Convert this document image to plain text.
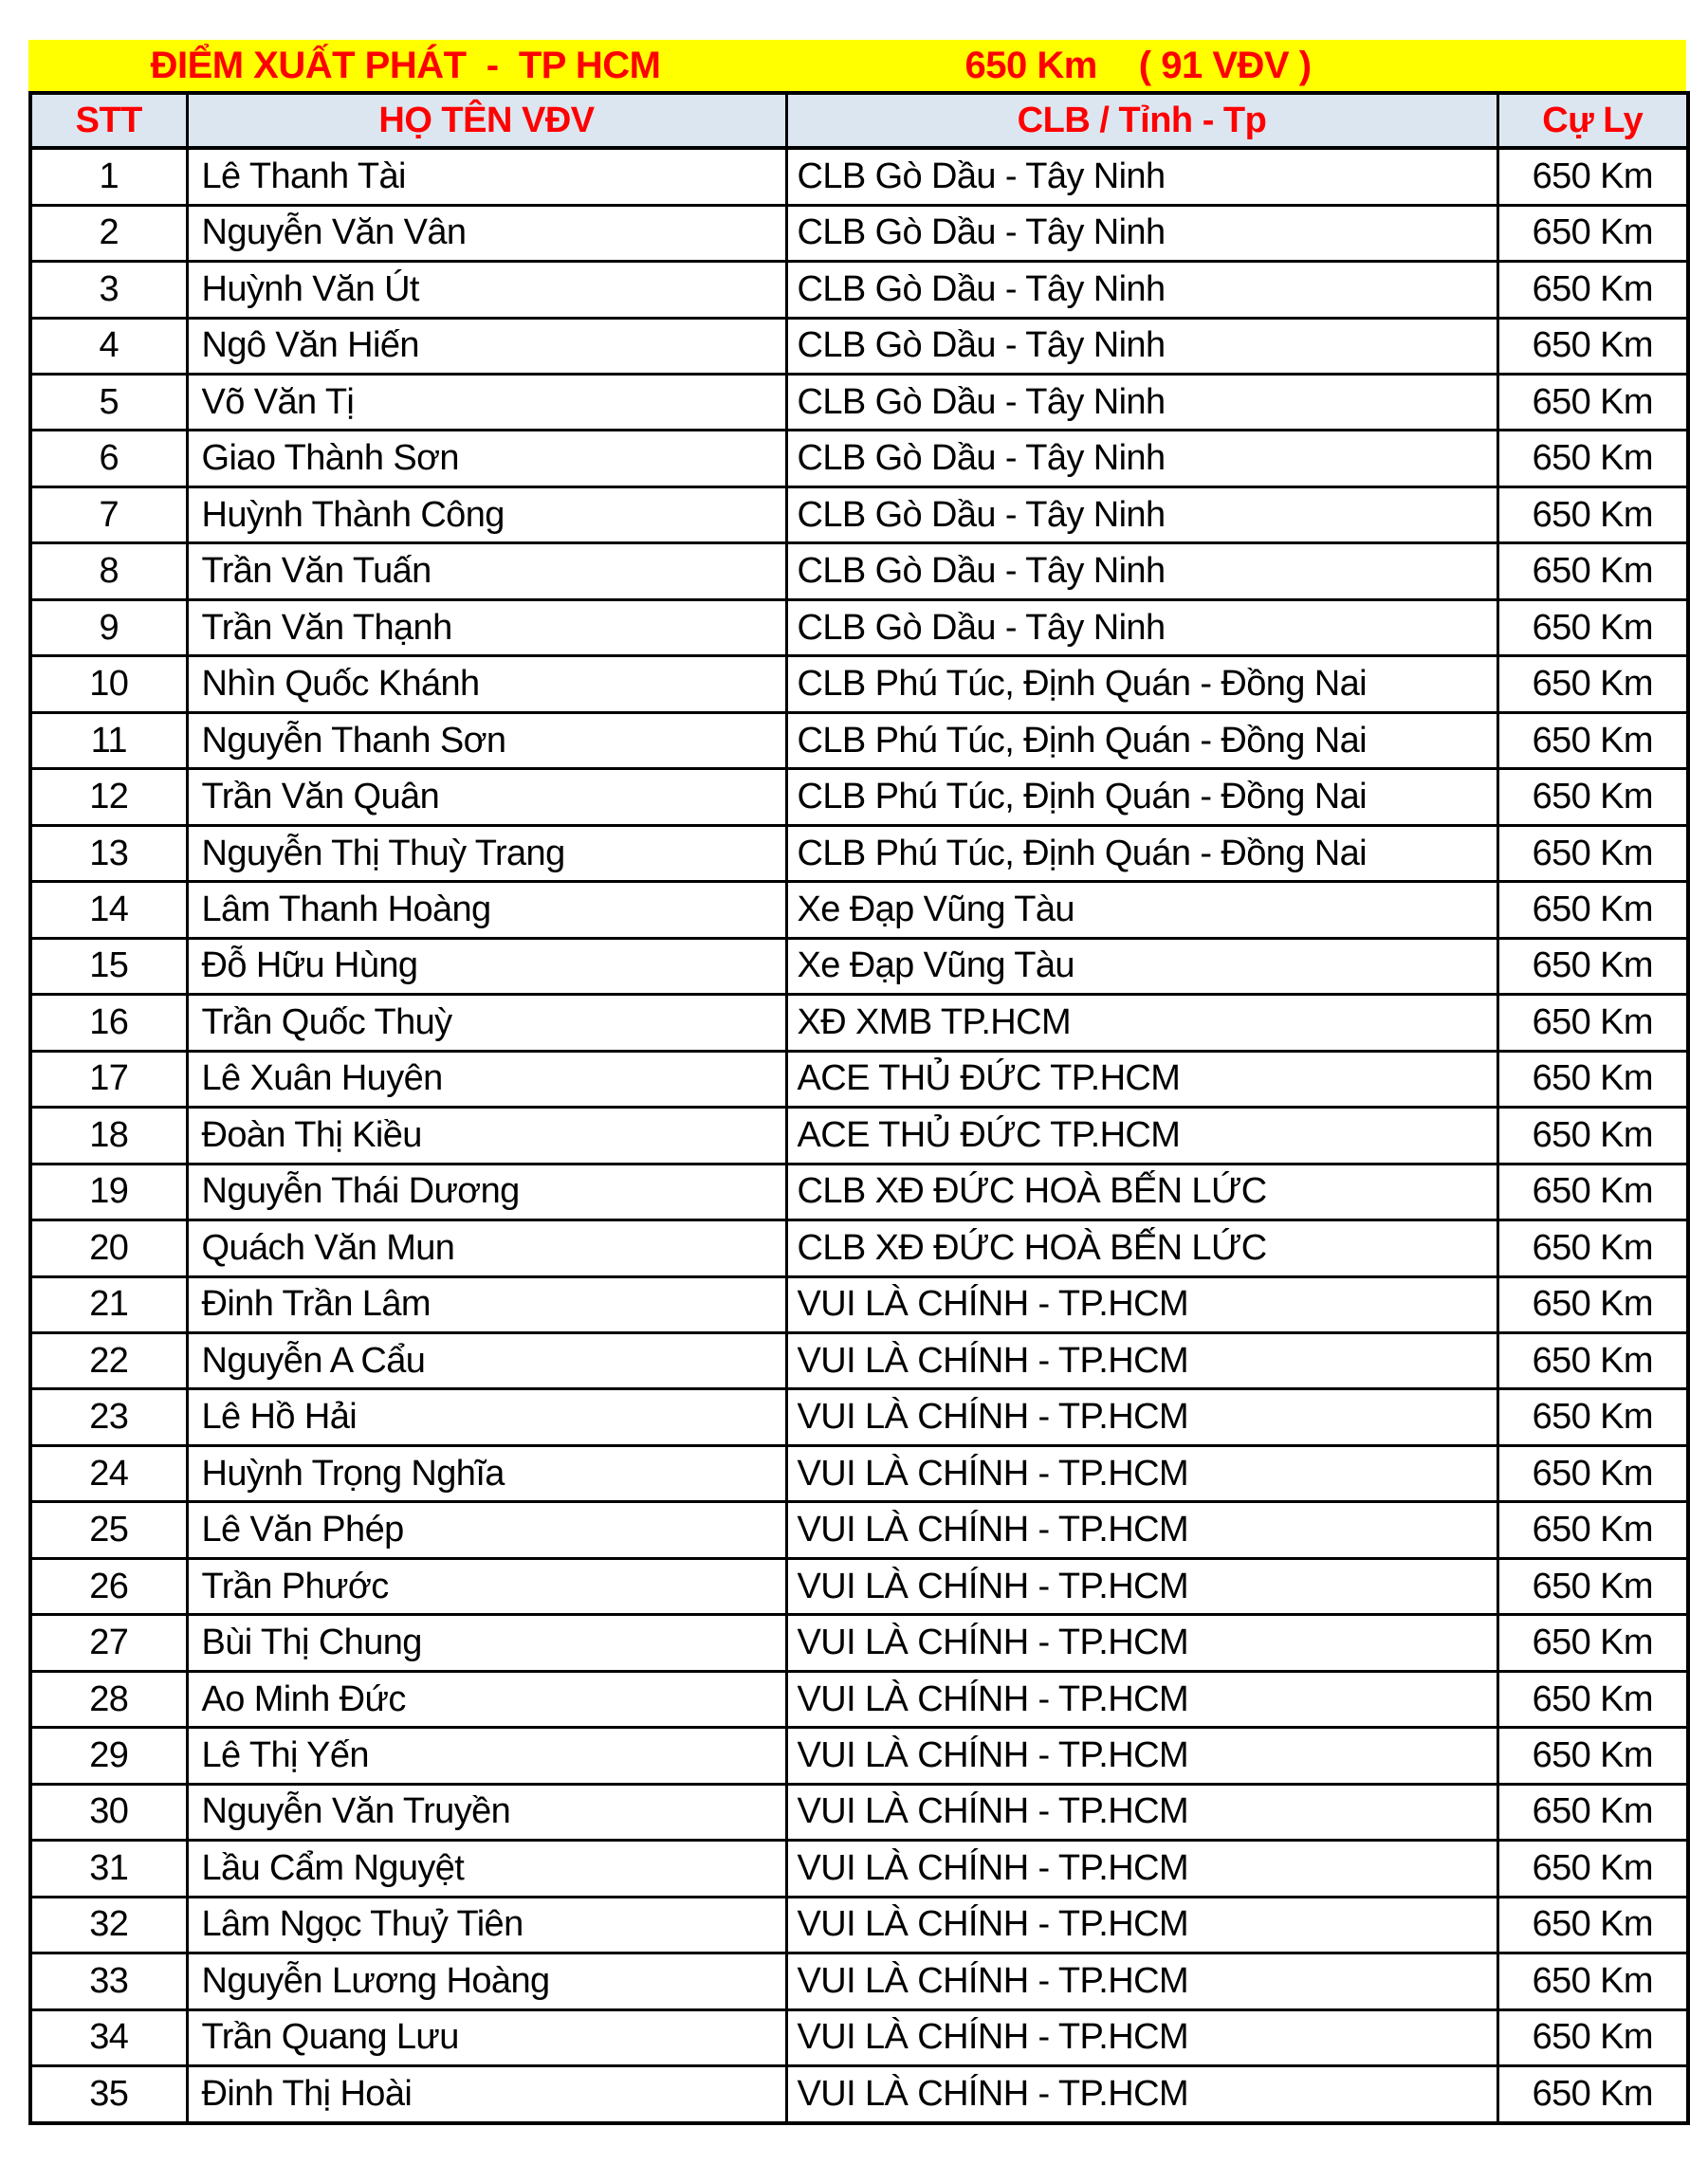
ĐIỂM XUẤT PHÁT  -  TP HCM	650 Km ( 91 VĐV )
STT	HỌ TÊN VĐV	CLB / Tỉnh - Tp	Cự Ly
1	Lê Thanh Tài	CLB Gò Dầu - Tây Ninh	650 Km
2	Nguyễn Văn Vân	CLB Gò Dầu - Tây Ninh	650 Km
3	Huỳnh Văn Út	CLB Gò Dầu - Tây Ninh	650 Km
4	Ngô Văn Hiến	CLB Gò Dầu - Tây Ninh	650 Km
5	Võ Văn Tị	CLB Gò Dầu - Tây Ninh	650 Km
6	Giao Thành Sơn	CLB Gò Dầu - Tây Ninh	650 Km
7	Huỳnh Thành Công	CLB Gò Dầu - Tây Ninh	650 Km
8	Trần Văn Tuấn	CLB Gò Dầu - Tây Ninh	650 Km
9	Trần Văn Thạnh	CLB Gò Dầu - Tây Ninh	650 Km
10	Nhìn Quốc Khánh	CLB Phú Túc, Định Quán - Đồng Nai	650 Km
11	Nguyễn Thanh Sơn	CLB Phú Túc, Định Quán - Đồng Nai	650 Km
12	Trần Văn Quân	CLB Phú Túc, Định Quán - Đồng Nai	650 Km
13	Nguyễn Thị Thuỳ Trang	CLB Phú Túc, Định Quán - Đồng Nai	650 Km
14	Lâm Thanh Hoàng	Xe Đạp Vũng Tàu	650 Km
15	Đỗ Hữu Hùng	Xe Đạp Vũng Tàu	650 Km
16	Trần Quốc Thuỳ	XĐ XMB TP.HCM	650 Km
17	Lê Xuân Huyên	ACE THỦ ĐỨC TP.HCM	650 Km
18	Đoàn Thị Kiều	ACE THỦ ĐỨC TP.HCM	650 Km
19	Nguyễn Thái Dương	CLB XĐ ĐỨC HOÀ BẾN LỨC	650 Km
20	Quách Văn Mun	CLB XĐ ĐỨC HOÀ BẾN LỨC	650 Km
21	Đinh Trần Lâm	VUI LÀ CHÍNH - TP.HCM	650 Km
22	Nguyễn A Cẩu	VUI LÀ CHÍNH - TP.HCM	650 Km
23	Lê Hồ Hải	VUI LÀ CHÍNH - TP.HCM	650 Km
24	Huỳnh Trọng Nghĩa	VUI LÀ CHÍNH - TP.HCM	650 Km
25	Lê Văn Phép	VUI LÀ CHÍNH - TP.HCM	650 Km
26	Trần Phước	VUI LÀ CHÍNH - TP.HCM	650 Km
27	Bùi Thị Chung	VUI LÀ CHÍNH - TP.HCM	650 Km
28	Ao Minh Đức	VUI LÀ CHÍNH - TP.HCM	650 Km
29	Lê Thị Yến	VUI LÀ CHÍNH - TP.HCM	650 Km
30	Nguyễn Văn Truyền	VUI LÀ CHÍNH - TP.HCM	650 Km
31	Lầu Cẩm Nguyệt	VUI LÀ CHÍNH - TP.HCM	650 Km
32	Lâm Ngọc Thuỷ Tiên	VUI LÀ CHÍNH - TP.HCM	650 Km
33	Nguyễn Lương Hoàng	VUI LÀ CHÍNH - TP.HCM	650 Km
34	Trần Quang Lưu	VUI LÀ CHÍNH - TP.HCM	650 Km
35	Đinh Thị Hoài	VUI LÀ CHÍNH - TP.HCM	650 Km
